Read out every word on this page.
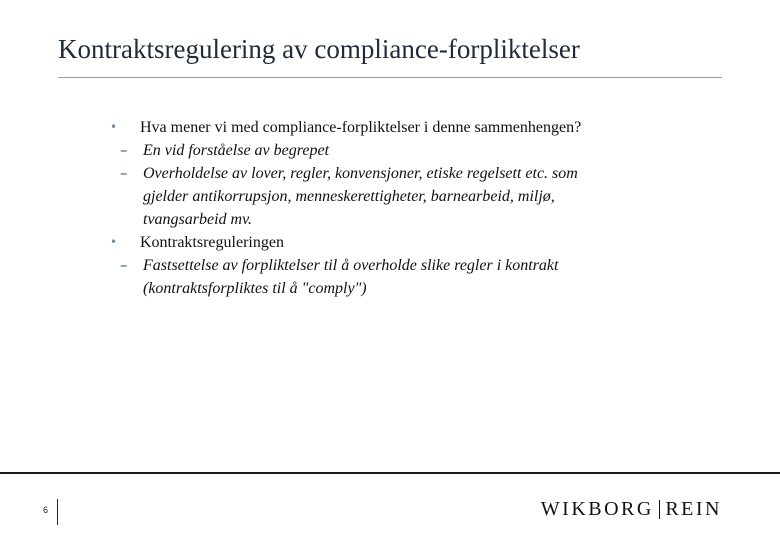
Kontraktsregulering av compliance-forpliktelser
• Hva mener vi med compliance-forpliktelser i denne sammenhengen?
– En vid forståelse av begrepet
– Overholdelse av lover, regler, konvensjoner, etiske regelsett etc. som gjelder antikorrupsjon, menneskerettigheter, barnearbeid, miljø, tvangsarbeid mv.
• Kontraktsreguleringen
– Fastsettelse av forpliktelser til å overholde slike regler i kontrakt (kontraktsforpliktes til å "comply")
6	WIKBORG REIN
